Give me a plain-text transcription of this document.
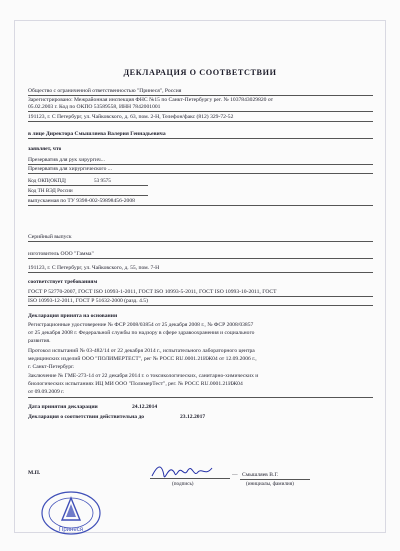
ДЕКЛАРАЦИЯ О СООТВЕТСТВИИ
Общество с ограниченной ответственностью "Принеся", Россия
Зарегистрировано: Межрайонная инспекция ФНС №15 по Санкт-Петербургу рег. № 1037843029820 от
05.02.2003 г. Код по ОКПО 53589558, ИНН 7842001001
191123, г. С Петербург, ул. Чайковского, д. 63, пом. 2-Н, Телефон/факс (812) 329-72-52
в лице Директора Смышляева Валерия Геннадьевича
заявляет, что
Презерватив для рук хирургич...
Презерватив для хирургического ...
Код ОКП(ОКПД)	53 9575
Код ТН ВЭД России
выпускаемая по ТУ 9398-002-59898456-2008
Серийный выпуск
изготовитель ООО "Гамма"
191123, г. С Петербург, ул. Чайковского, д. 55, пом. 7-Н
соответствует требованиям
ГОСТ Р 52770-2007, ГОСТ ISO 10993-1-2011, ГОСТ ISO 10993-5-2011, ГОСТ ISO 10993-10-2011, ГОСТ
ISO 10993-12-2011, ГОСТ Р 51632-2000 (разд. 4.5)
Декларация принята на основании
Регистрационные удостоверение № ФСР 2008/03854 от 25 декабря 2008 г., № ФСР 2008/03857
от 25 декабря 2008 г. Федеральной службы по надзору в сфере здравоохранения и социального
развития.
Протокол испытаний № 03-482/14 от 22 декабря 2014 г., испытательного лабораторного центра
медицинских изделий ООО "ПОЛИМЕРТЕСТ", рег № РОСС RU.0001.21ИЖ04 от 12.09.2006 г.,
г. Санкт-Петербург.
Заключение № ГМЕ-273-14 от 22 декабря 2014 г. о токсикологических, санитарно-химических и
биологических испытаниях ИЦ МИ ООО "ПолимерТест", рег. № РОСС RU.0001.21ИЖ04
от 09.09.2009 г.
Дата принятия декларации	24.12.2014
Декларация о соответствии действительна до	23.12.2017
М.П.	— Смышляев В.Г.
(подпись)	(инициалы, фамилия)
Принеся
